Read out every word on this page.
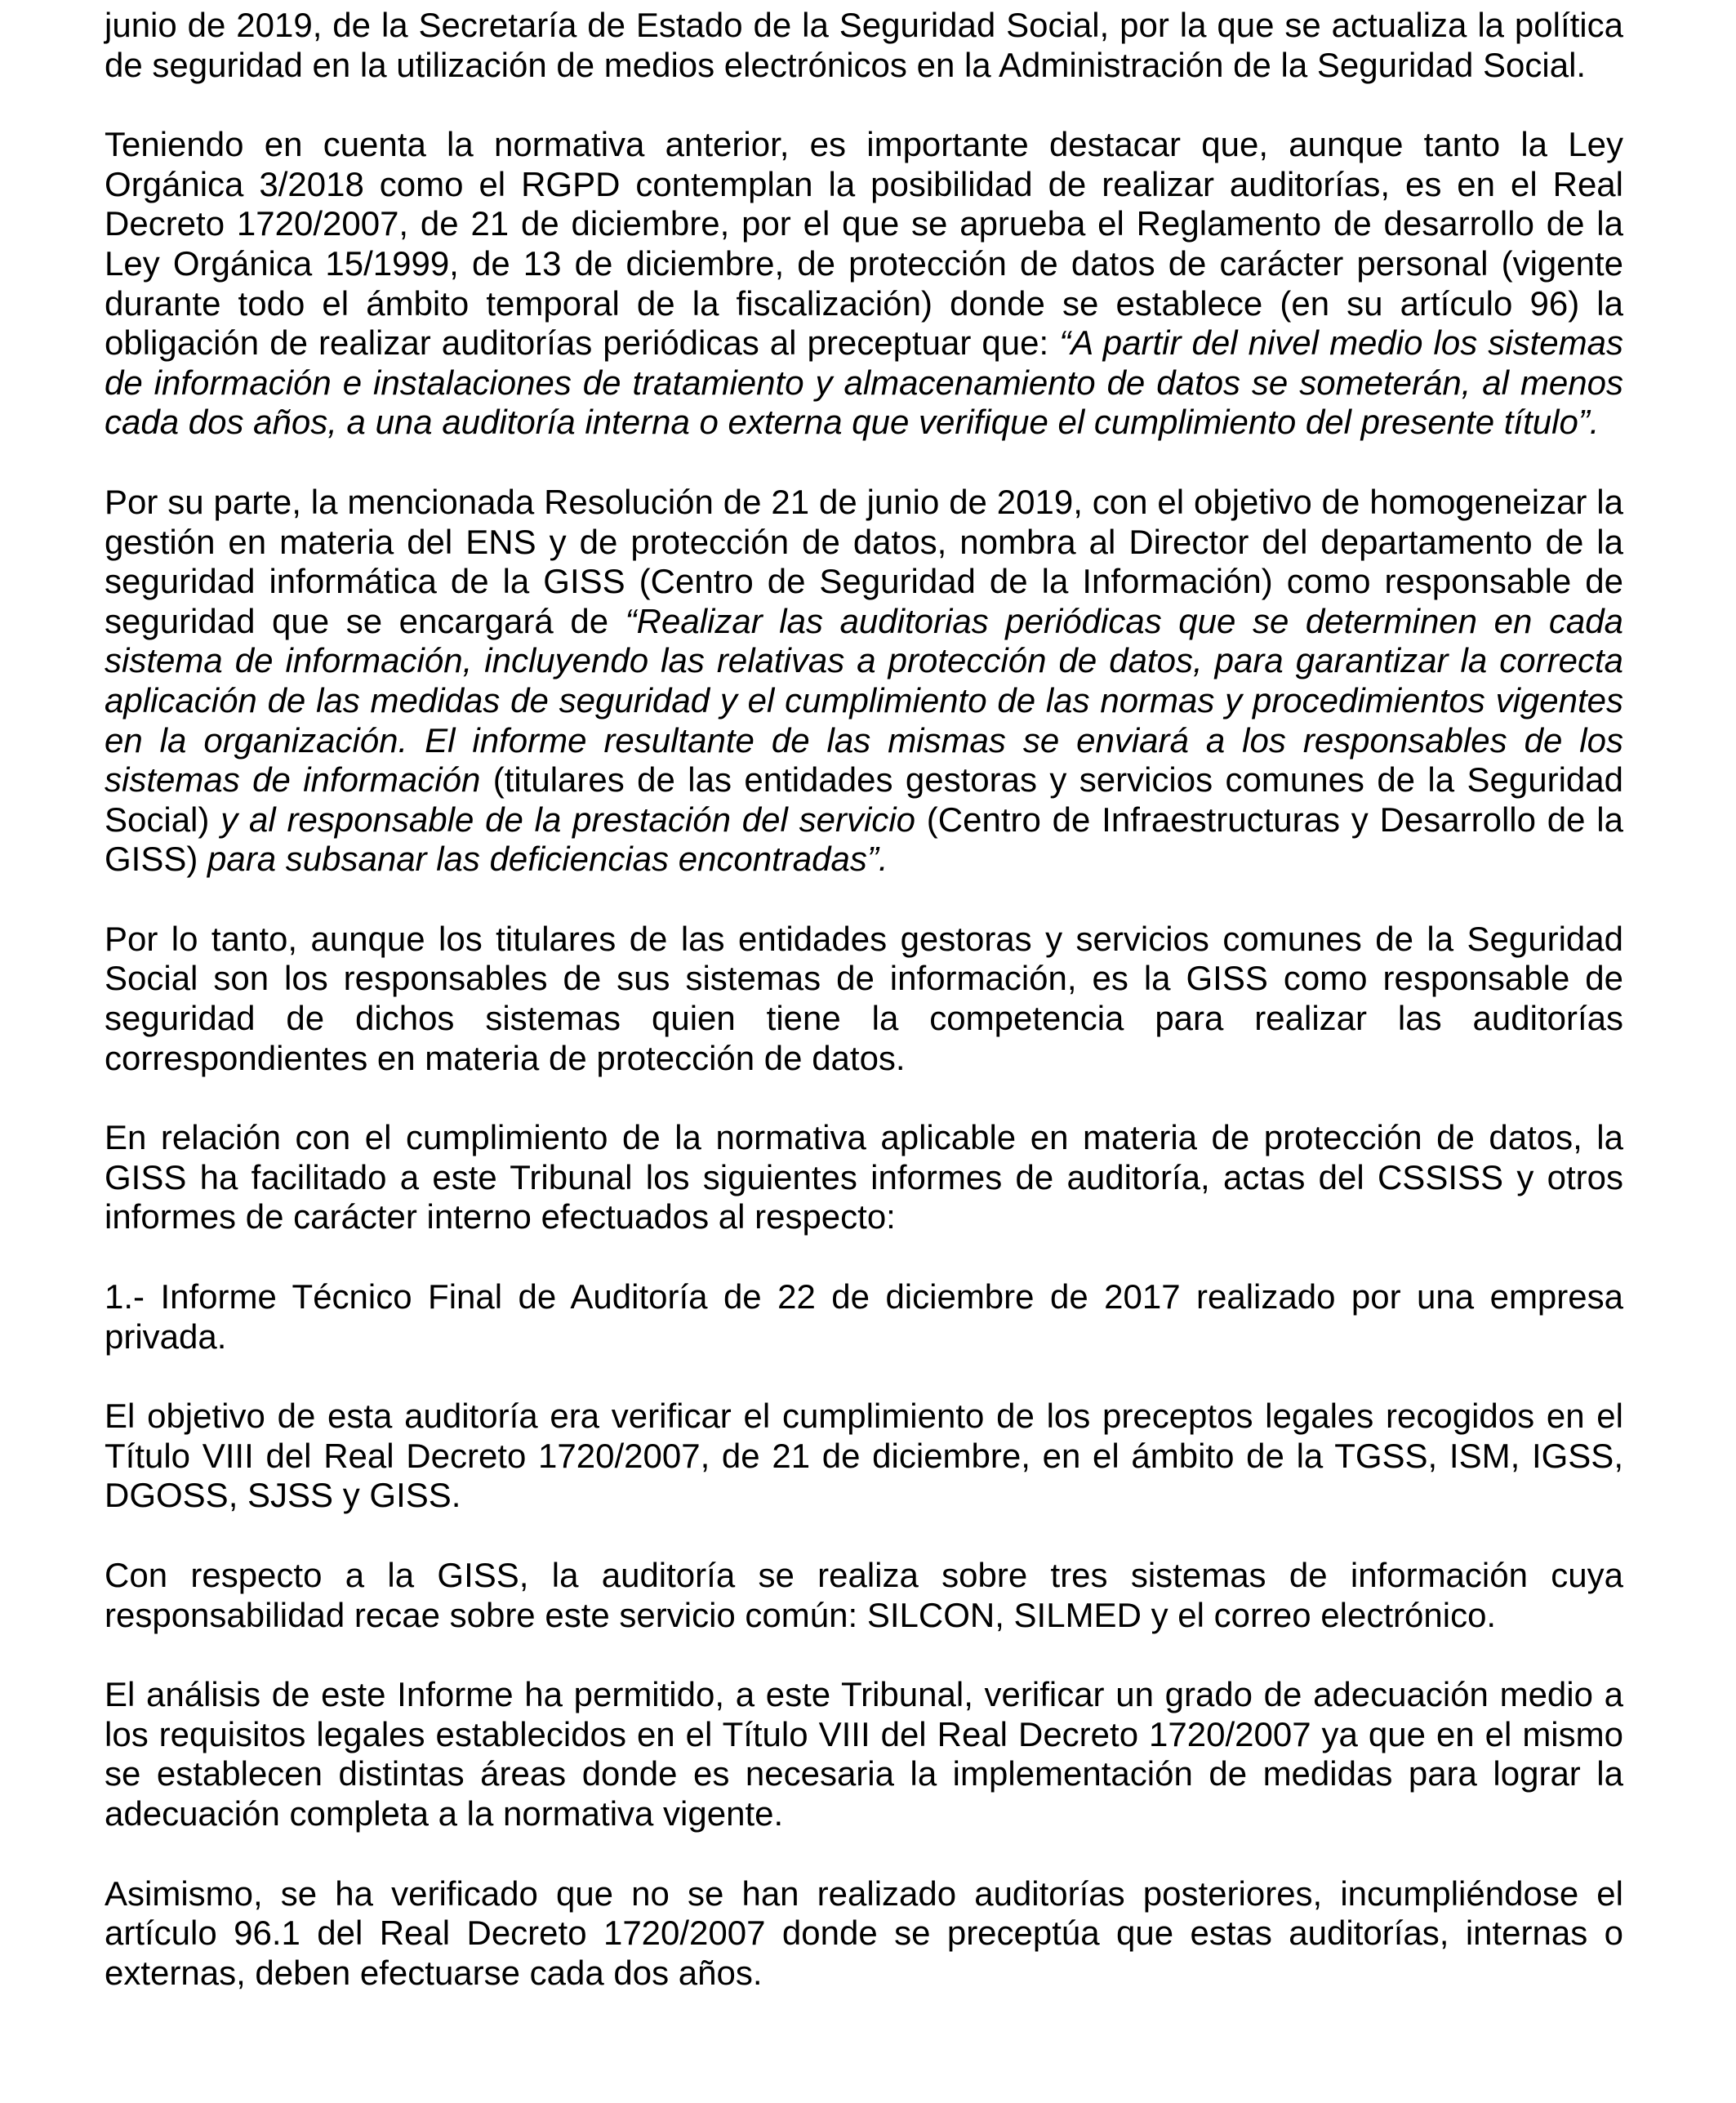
junio de 2019, de la Secretaría de Estado de la Seguridad Social, por la que se actualiza la política de seguridad en la utilización de medios electrónicos en la Administración de la Seguridad Social.

Teniendo en cuenta la normativa anterior, es importante destacar que, aunque tanto la Ley Orgánica 3/2018 como el RGPD contemplan la posibilidad de realizar auditorías, es en el Real Decreto 1720/2007, de 21 de diciembre, por el que se aprueba el Reglamento de desarrollo de la Ley Orgánica 15/1999, de 13 de diciembre, de protección de datos de carácter personal (vigente durante todo el ámbito temporal de la fiscalización) donde se establece (en su artículo 96) la obligación de realizar auditorías periódicas al preceptuar que: “A partir del nivel medio los sistemas de información e instalaciones de tratamiento y almacenamiento de datos se someterán, al menos cada dos años, a una auditoría interna o externa que verifique el cumplimiento del presente título”.

Por su parte, la mencionada Resolución de 21 de junio de 2019, con el objetivo de homogeneizar la gestión en materia del ENS y de protección de datos, nombra al Director del departamento de la seguridad informática de la GISS (Centro de Seguridad de la Información) como responsable de seguridad que se encargará de “Realizar las auditorias periódicas que se determinen en cada sistema de información, incluyendo las relativas a protección de datos, para garantizar la correcta aplicación de las medidas de seguridad y el cumplimiento de las normas y procedimientos vigentes en la organización. El informe resultante de las mismas se enviará a los responsables de los sistemas de información (titulares de las entidades gestoras y servicios comunes de la Seguridad Social) y al responsable de la prestación del servicio (Centro de Infraestructuras y Desarrollo de la GISS) para subsanar las deficiencias encontradas”.

Por lo tanto, aunque los titulares de las entidades gestoras y servicios comunes de la Seguridad Social son los responsables de sus sistemas de información, es la GISS como responsable de seguridad de dichos sistemas quien tiene la competencia para realizar las auditorías correspondientes en materia de protección de datos.

En relación con el cumplimiento de la normativa aplicable en materia de protección de datos, la GISS ha facilitado a este Tribunal los siguientes informes de auditoría, actas del CSSISS y otros informes de carácter interno efectuados al respecto:

1.- Informe Técnico Final de Auditoría de 22 de diciembre de 2017 realizado por una empresa privada.

El objetivo de esta auditoría era verificar el cumplimiento de los preceptos legales recogidos en el Título VIII del Real Decreto 1720/2007, de 21 de diciembre, en el ámbito de la TGSS, ISM, IGSS, DGOSS, SJSS y GISS.

Con respecto a la GISS, la auditoría se realiza sobre tres sistemas de información cuya responsabilidad recae sobre este servicio común: SILCON, SILMED y el correo electrónico.

El análisis de este Informe ha permitido, a este Tribunal, verificar un grado de adecuación medio a los requisitos legales establecidos en el Título VIII del Real Decreto 1720/2007 ya que en el mismo se establecen distintas áreas donde es necesaria la implementación de medidas para lograr la adecuación completa a la normativa vigente.

Asimismo, se ha verificado que no se han realizado auditorías posteriores, incumpliéndose el artículo 96.1 del Real Decreto 1720/2007 donde se preceptúa que estas auditorías, internas o externas, deben efectuarse cada dos años.
